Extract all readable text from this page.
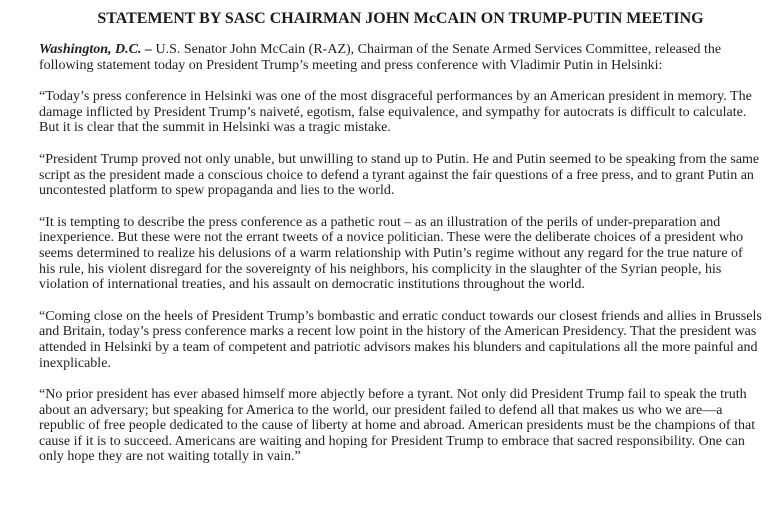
STATEMENT BY SASC CHAIRMAN JOHN McCAIN ON TRUMP-PUTIN MEETING

Washington, D.C. – U.S. Senator John McCain (R-AZ), Chairman of the Senate Armed Services Committee, released the following statement today on President Trump’s meeting and press conference with Vladimir Putin in Helsinki:

“Today’s press conference in Helsinki was one of the most disgraceful performances by an American president in memory. The damage inflicted by President Trump’s naiveté, egotism, false equivalence, and sympathy for autocrats is difficult to calculate. But it is clear that the summit in Helsinki was a tragic mistake.

“President Trump proved not only unable, but unwilling to stand up to Putin. He and Putin seemed to be speaking from the same script as the president made a conscious choice to defend a tyrant against the fair questions of a free press, and to grant Putin an uncontested platform to spew propaganda and lies to the world.

“It is tempting to describe the press conference as a pathetic rout – as an illustration of the perils of under-preparation and inexperience. But these were not the errant tweets of a novice politician. These were the deliberate choices of a president who seems determined to realize his delusions of a warm relationship with Putin’s regime without any regard for the true nature of his rule, his violent disregard for the sovereignty of his neighbors, his complicity in the slaughter of the Syrian people, his violation of international treaties, and his assault on democratic institutions throughout the world.

“Coming close on the heels of President Trump’s bombastic and erratic conduct towards our closest friends and allies in Brussels and Britain, today’s press conference marks a recent low point in the history of the American Presidency. That the president was attended in Helsinki by a team of competent and patriotic advisors makes his blunders and capitulations all the more painful and inexplicable.

“No prior president has ever abased himself more abjectly before a tyrant. Not only did President Trump fail to speak the truth about an adversary; but speaking for America to the world, our president failed to defend all that makes us who we are—a republic of free people dedicated to the cause of liberty at home and abroad. American presidents must be the champions of that cause if it is to succeed. Americans are waiting and hoping for President Trump to embrace that sacred responsibility. One can only hope they are not waiting totally in vain.”
